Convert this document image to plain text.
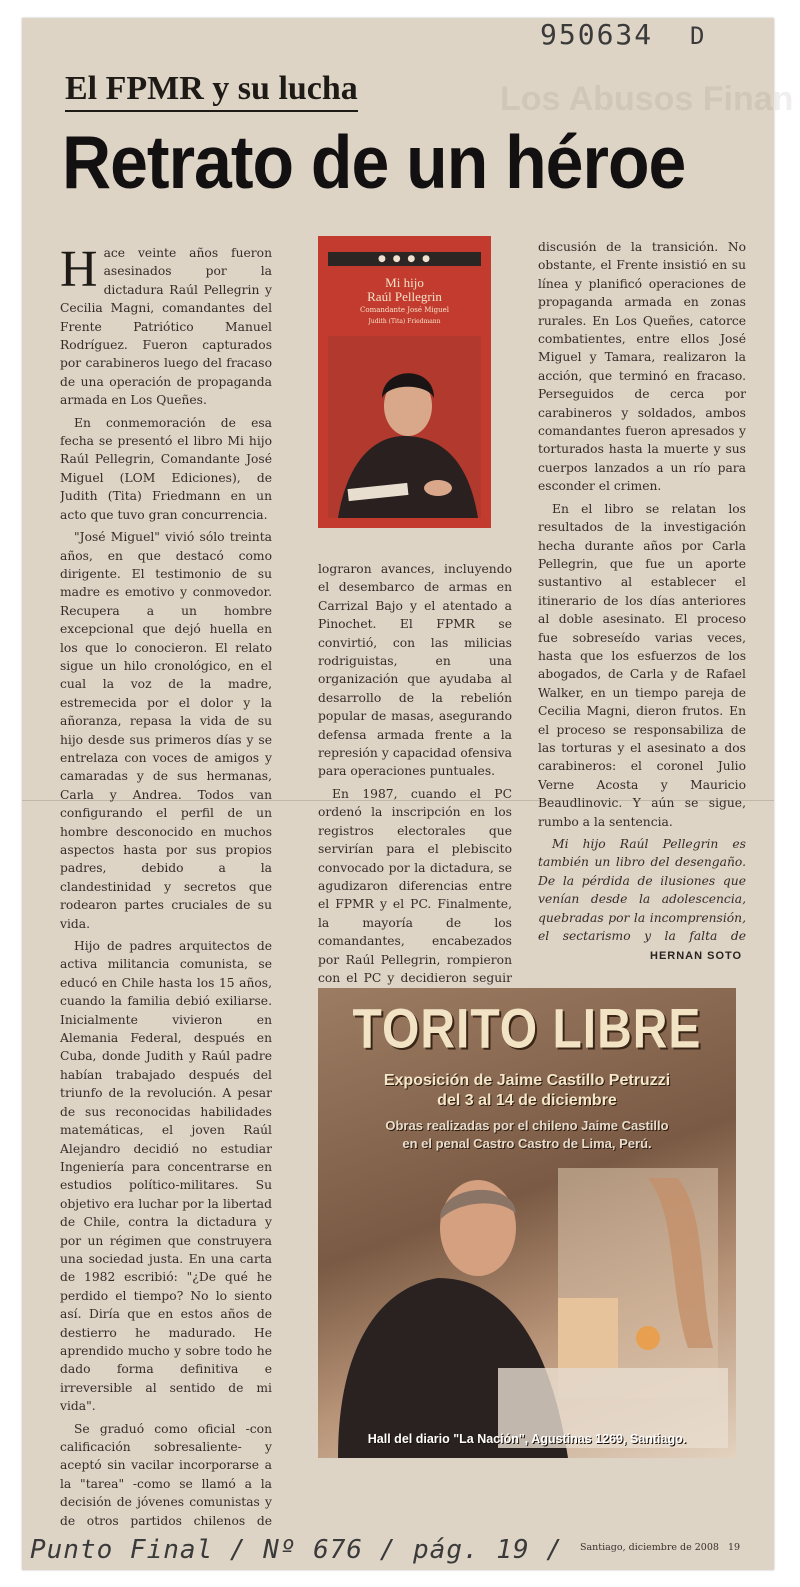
950634 D
Los Abusos Finan
El FPMR y su lucha
Retrato de un héroe

Hace veinte años fueron asesinados por la dictadura Raúl Pellegrin y Cecilia Magni, comandantes del Frente Patriótico Manuel Rodríguez. Fueron capturados por carabineros luego del fracaso de una operación de propaganda armada en Los Queñes.

En conmemoración de esa fecha se presentó el libro Mi hijo Raúl Pellegrin, Comandante José Miguel (LOM Ediciones), de Judith (Tita) Friedmann en un acto que tuvo gran concurrencia.

"José Miguel" vivió sólo treinta años, en que destacó como dirigente. El testimonio de su madre es emotivo y conmovedor. Recupera a un hombre excepcional que dejó huella en los que lo conocieron. El relato sigue un hilo cronológico, en el cual la voz de la madre, estremecida por el dolor y la añoranza, repasa la vida de su hijo desde sus primeros días y se entrelaza con voces de amigos y camaradas y de sus hermanas, Carla y Andrea. Todos van configurando el perfil de un hombre desconocido en muchos aspectos hasta por sus propios padres, debido a la clandestinidad y secretos que rodearon partes cruciales de su vida.

Hijo de padres arquitectos de activa militancia comunista, se educó en Chile hasta los 15 años, cuando la familia debió exiliarse. Inicialmente vivieron en Alemania Federal, después en Cuba, donde Judith y Raúl padre habían trabajado después del triunfo de la revolución. A pesar de sus reconocidas habilidades matemáticas, el joven Raúl Alejandro decidió no estudiar Ingeniería para concentrarse en estudios político-militares. Su objetivo era luchar por la libertad de Chile, contra la dictadura y por un régimen que construyera una sociedad justa. En una carta de 1982 escribió: "¿De qué he perdido el tiempo? No lo siento así. Diría que en estos años de destierro he madurado. He aprendido mucho y sobre todo he dado forma definitiva e irreversible al sentido de mi vida".

Se graduó como oficial -con calificación sobresaliente- y aceptó sin vacilar incorporarse a la "tarea" -como se llamó a la decisión de jóvenes comunistas y de otros partidos chilenos de

● ● ● ●
Mi hijo
Raúl Pellegrin
Comandante José Miguel
Judith (Tita) Friedmann

lograron avances, incluyendo el desembarco de armas en Carrizal Bajo y el atentado a Pinochet. El FPMR se convirtió, con las milicias rodriguistas, en una organización que ayudaba al desarrollo de la rebelión popular de masas, asegurando defensa armada frente a la represión y capacidad ofensiva para operaciones puntuales.

En 1987, cuando el PC ordenó la inscripción en los registros electorales que servirían para el plebiscito convocado por la dictadura, se agudizaron diferencias entre el FPMR y el PC. Finalmente, la mayoría de los comandantes, encabezados por Raúl Pellegrin, rompieron con el PC y decidieron seguir

discusión de la transición. No obstante, el Frente insistió en su línea y planificó operaciones de propaganda armada en zonas rurales. En Los Queñes, catorce combatientes, entre ellos José Miguel y Tamara, realizaron la acción, que terminó en fracaso. Perseguidos de cerca por carabineros y soldados, ambos comandantes fueron apresados y torturados hasta la muerte y sus cuerpos lanzados a un río para esconder el crimen.

En el libro se relatan los resultados de la investigación hecha durante años por Carla Pellegrin, que fue un aporte sustantivo al establecer el itinerario de los días anteriores al doble asesinato. El proceso fue sobreseído varias veces, hasta que los esfuerzos de los abogados, de Carla y de Rafael Walker, en un tiempo pareja de Cecilia Magni, dieron frutos. En el proceso se responsabiliza de las torturas y el asesinato a dos carabineros: el coronel Julio Verne Acosta y Mauricio Beaudlinovic. Y aún se sigue, rumbo a la sentencia.

Mi hijo Raúl Pellegrin es también un libro del desengaño. De la pérdida de ilusiones que venían desde la adolescencia, quebradas por la incomprensión, el sectarismo y la falta de

HERNAN SOTO
TORITO LIBRE
Exposición de Jaime Castillo Petruzzi
del 3 al 14 de diciembre
Obras realizadas por el chileno Jaime Castillo
en el penal Castro Castro de Lima, Perú.
Hall del diario "La Nación", Agustinas 1269, Santiago.
Santiago, diciembre de 2008 19
Punto Final / Nº 676 / pág. 19 /
